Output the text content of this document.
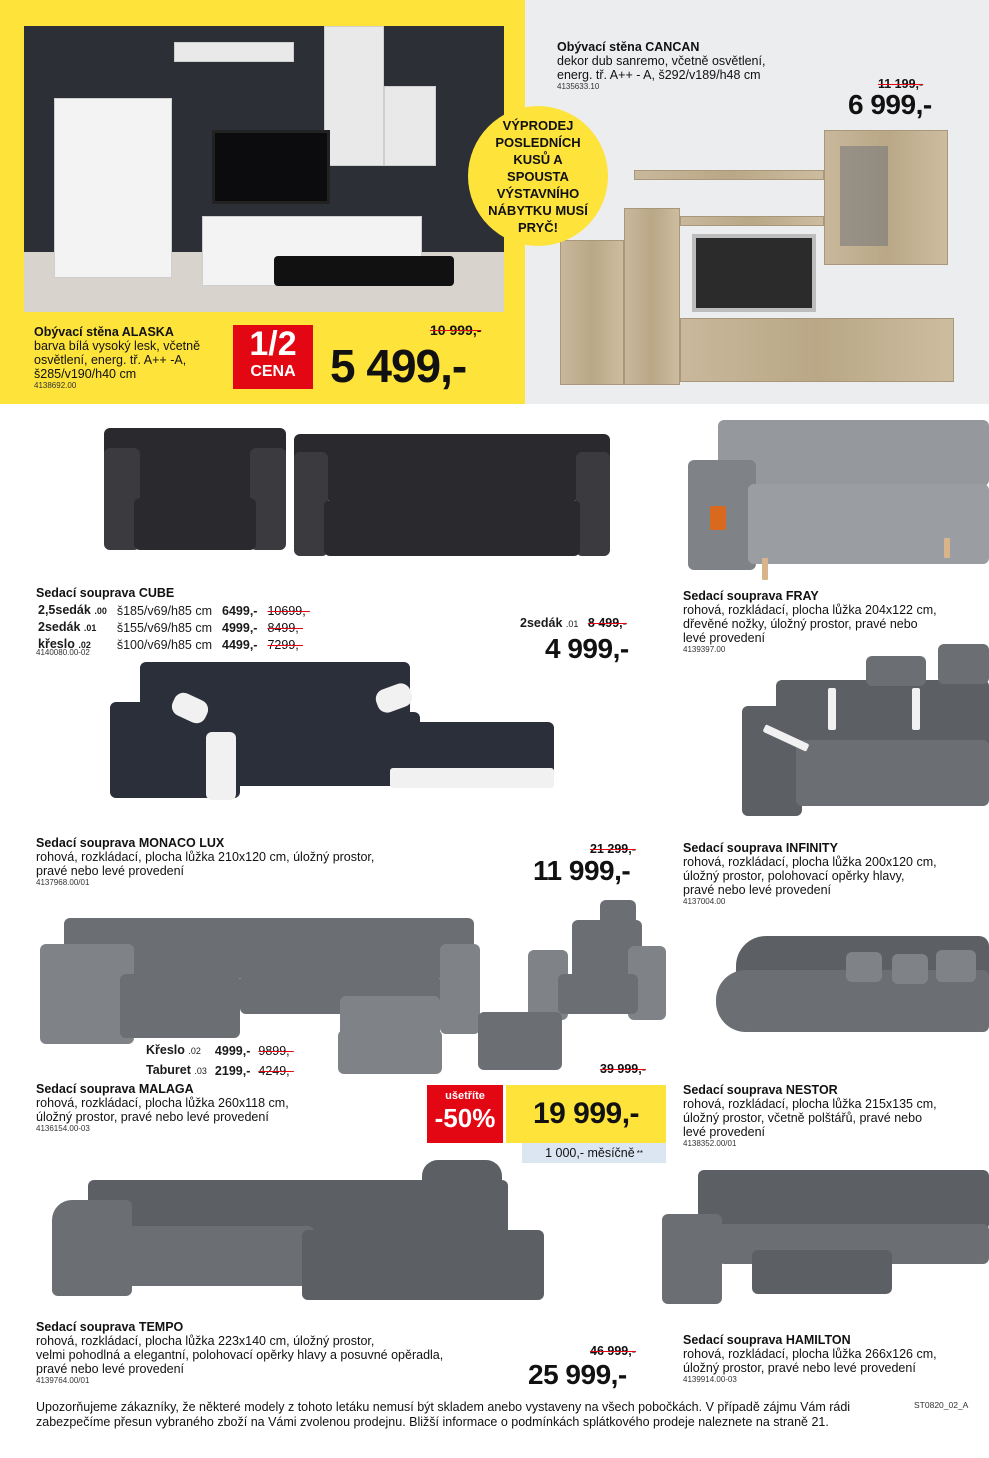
VÝPRODEJ POSLEDNÍCH KUSŮ A SPOUSTA VÝSTAVNÍHO NÁBYTKU MUSÍ PRYČ!
Obývací stěna CANCAN
dekor dub sanremo, včetně osvětlení,
energ. tř. A++ - A, š292/v189/h48 cm
4135633.10	11 199,-
6 999,-
Obývací stěna ALASKA
barva bílá vysoký lesk, včetně
osvětlení, energ. tř. A++ -A,
š285/v190/h40 cm
4138692.00
1/2
CENA
10 999,-
5 499,-
Sedací souprava CUBE
2,5sedák .00	š185/v69/h85 cm	6499,-	10699,-
2sedák .01	š155/v69/h85 cm	4999,-	8499,-
křeslo .02	š100/v69/h85 cm	4499,-	7299,-
4140080.00-02
2sedák .01 8 499,-
4 999,-
Sedací souprava FRAY
rohová, rozkládací, plocha lůžka 204x122 cm,
dřevěné nožky, úložný prostor, pravé nebo
levé provedení
4139397.00
Sedací souprava MONACO LUX
rohová, rozkládací, plocha lůžka 210x120 cm, úložný prostor,
pravé nebo levé provedení
4137968.00/01
21 299,-
11 999,-
Sedací souprava INFINITY
rohová, rozkládací, plocha lůžka 200x120 cm,
úložný prostor, polohovací opěrky hlavy,
pravé nebo levé provedení
4137004.00
Křeslo .02	4999,-	9899,-
Taburet .03	2199,-	4249,-
Sedací souprava MALAGA
rohová, rozkládací, plocha lůžka 260x118 cm,
úložný prostor, pravé nebo levé provedení
4136154.00-03
39 999,-
ušetříte
-50% 19 999,-
1 000,- měsíčně **
Sedací souprava NESTOR
rohová, rozkládací, plocha lůžka 215x135 cm,
úložný prostor, včetně polštářů, pravé nebo
levé provedení
4138352.00/01
Sedací souprava TEMPO
rohová, rozkládací, plocha lůžka 223x140 cm, úložný prostor,
velmi pohodlná a elegantní, polohovací opěrky hlavy a posuvné opěradla,
pravé nebo levé provedení
4139764.00/01
46 999,-
25 999,-
Sedací souprava HAMILTON
rohová, rozkládací, plocha lůžka 266x126 cm,
úložný prostor, pravé nebo levé provedení
4139914.00-03
Upozorňujeme zákazníky, že některé modely z tohoto letáku nemusí být skladem anebo vystaveny na všech pobočkách. V případě zájmu Vám rádi
zabezpečíme přesun vybraného zboží na Vámi zvolenou prodejnu. Bližší informace o podmínkách splátkového prodeje naleznete na straně 21.
ST0820_02_A
